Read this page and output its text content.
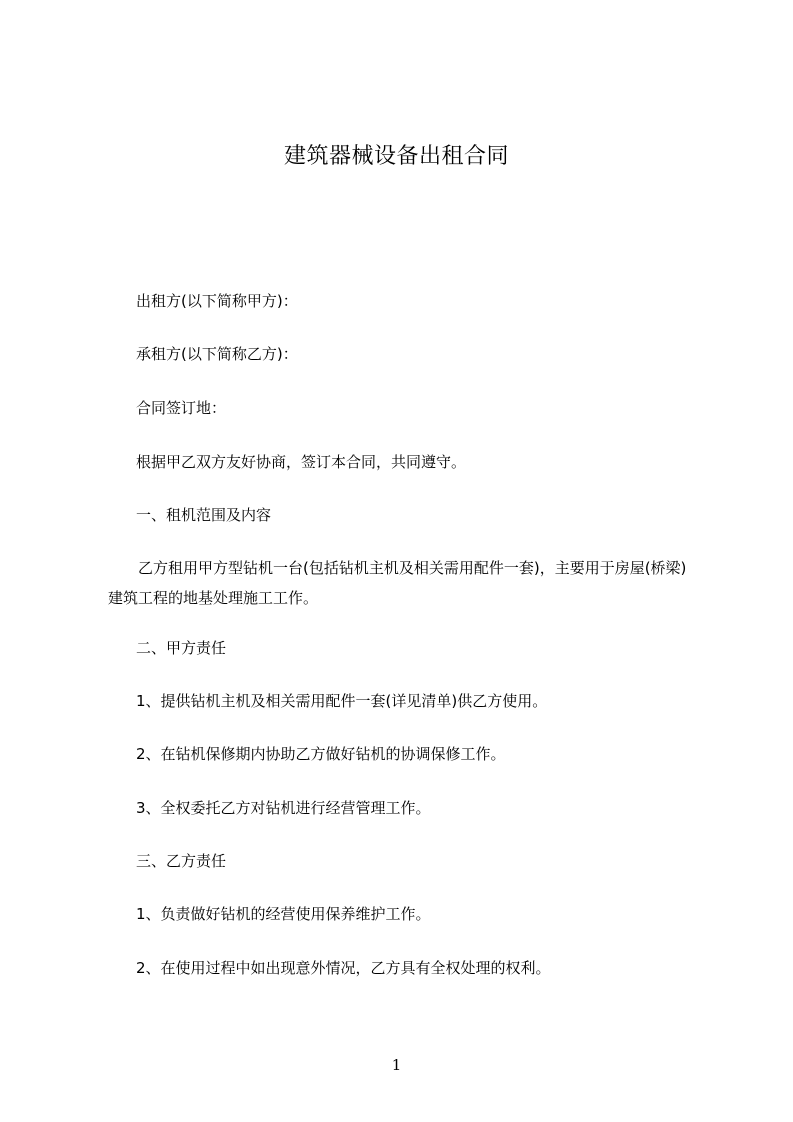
建筑器械设备出租合同
出租方(以下简称甲方)：
承租方(以下简称乙方)：
合同签订地：
根据甲乙双方友好协商，签订本合同，共同遵守。
一、租机范围及内容
乙方租用甲方型钻机一台(包括钻机主机及相关需用配件一套)，主要用于房屋(桥梁)建筑工程的地基处理施工工作。
二、甲方责任
1、提供钻机主机及相关需用配件一套(详见清单)供乙方使用。
2、在钻机保修期内协助乙方做好钻机的协调保修工作。
3、全权委托乙方对钻机进行经营管理工作。
三、乙方责任
1、负责做好钻机的经营使用保养维护工作。
2、在使用过程中如出现意外情况，乙方具有全权处理的权利。
1
